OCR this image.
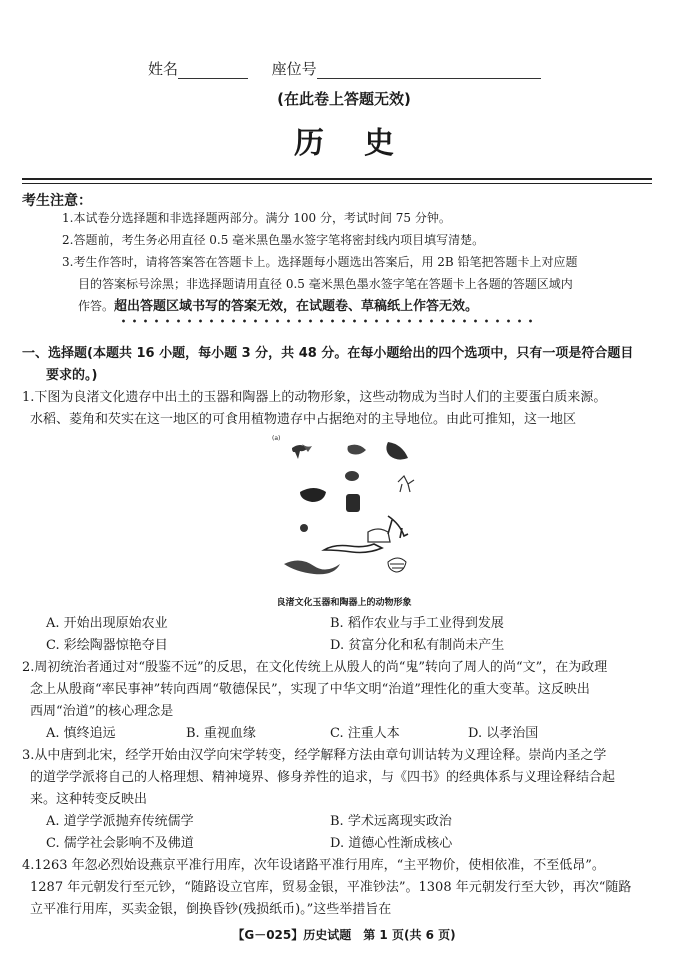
姓名	座位号
(在此卷上答题无效)
历史
考生注意：
1.本试卷分选择题和非选择题两部分。满分 100 分，考试时间 75 分钟。
2.答题前，考生务必用直径 0.5 毫米黑色墨水签字笔将密封线内项目填写清楚。
3.考生作答时，请将答案答在答题卡上。选择题每小题选出答案后，用 2B 铅笔把答题卡上对应题
目的答案标号涂黑；非选择题请用直径 0.5 毫米黑色墨水签字笔在答题卡上各题的答题区域内
作答。超出答题区域书写的答案无效，在试题卷、草稿纸上作答无效。
一、选择题(本题共 16 小题，每小题 3 分，共 48 分。在每小题给出的四个选项中，只有一项是符合题目
要求的。)
1.下图为良渚文化遗存中出土的玉器和陶器上的动物形象，这些动物成为当时人们的主要蛋白质来源。
水稻、菱角和芡实在这一地区的可食用植物遗存中占据绝对的主导地位。由此可推知，这一地区
(a)
良渚文化玉器和陶器上的动物形象
A. 开始出现原始农业	B. 稻作农业与手工业得到发展
C. 彩绘陶器惊艳夺目	D. 贫富分化和私有制尚未产生
2.周初统治者通过对“殷鉴不远”的反思，在文化传统上从殷人的尚“鬼”转向了周人的尚“文”，在为政理
念上从殷商“率民事神”转向西周“敬德保民”，实现了中华文明“治道”理性化的重大变革。这反映出
西周“治道”的核心理念是
A. 慎终追远	B. 重视血缘	C. 注重人本	D. 以孝治国
3.从中唐到北宋，经学开始由汉学向宋学转变，经学解释方法由章句训诂转为义理诠释。崇尚内圣之学
的道学学派将自己的人格理想、精神境界、修身养性的追求，与《四书》的经典体系与义理诠释结合起
来。这种转变反映出
A. 道学学派抛弃传统儒学	B. 学术远离现实政治
C. 儒学社会影响不及佛道	D. 道德心性渐成核心
4.1263 年忽必烈始设燕京平准行用库，次年设诸路平准行用库，“主平物价，使相依准，不至低昂”。
1287 年元朝发行至元钞，“随路设立官库，贸易金银，平准钞法”。1308 年元朝发行至大钞，再次“随路
立平准行用库，买卖金银，倒换昏钞(残损纸币)。”这些举措旨在
【G－025】历史试题　第 1 页(共 6 页)
